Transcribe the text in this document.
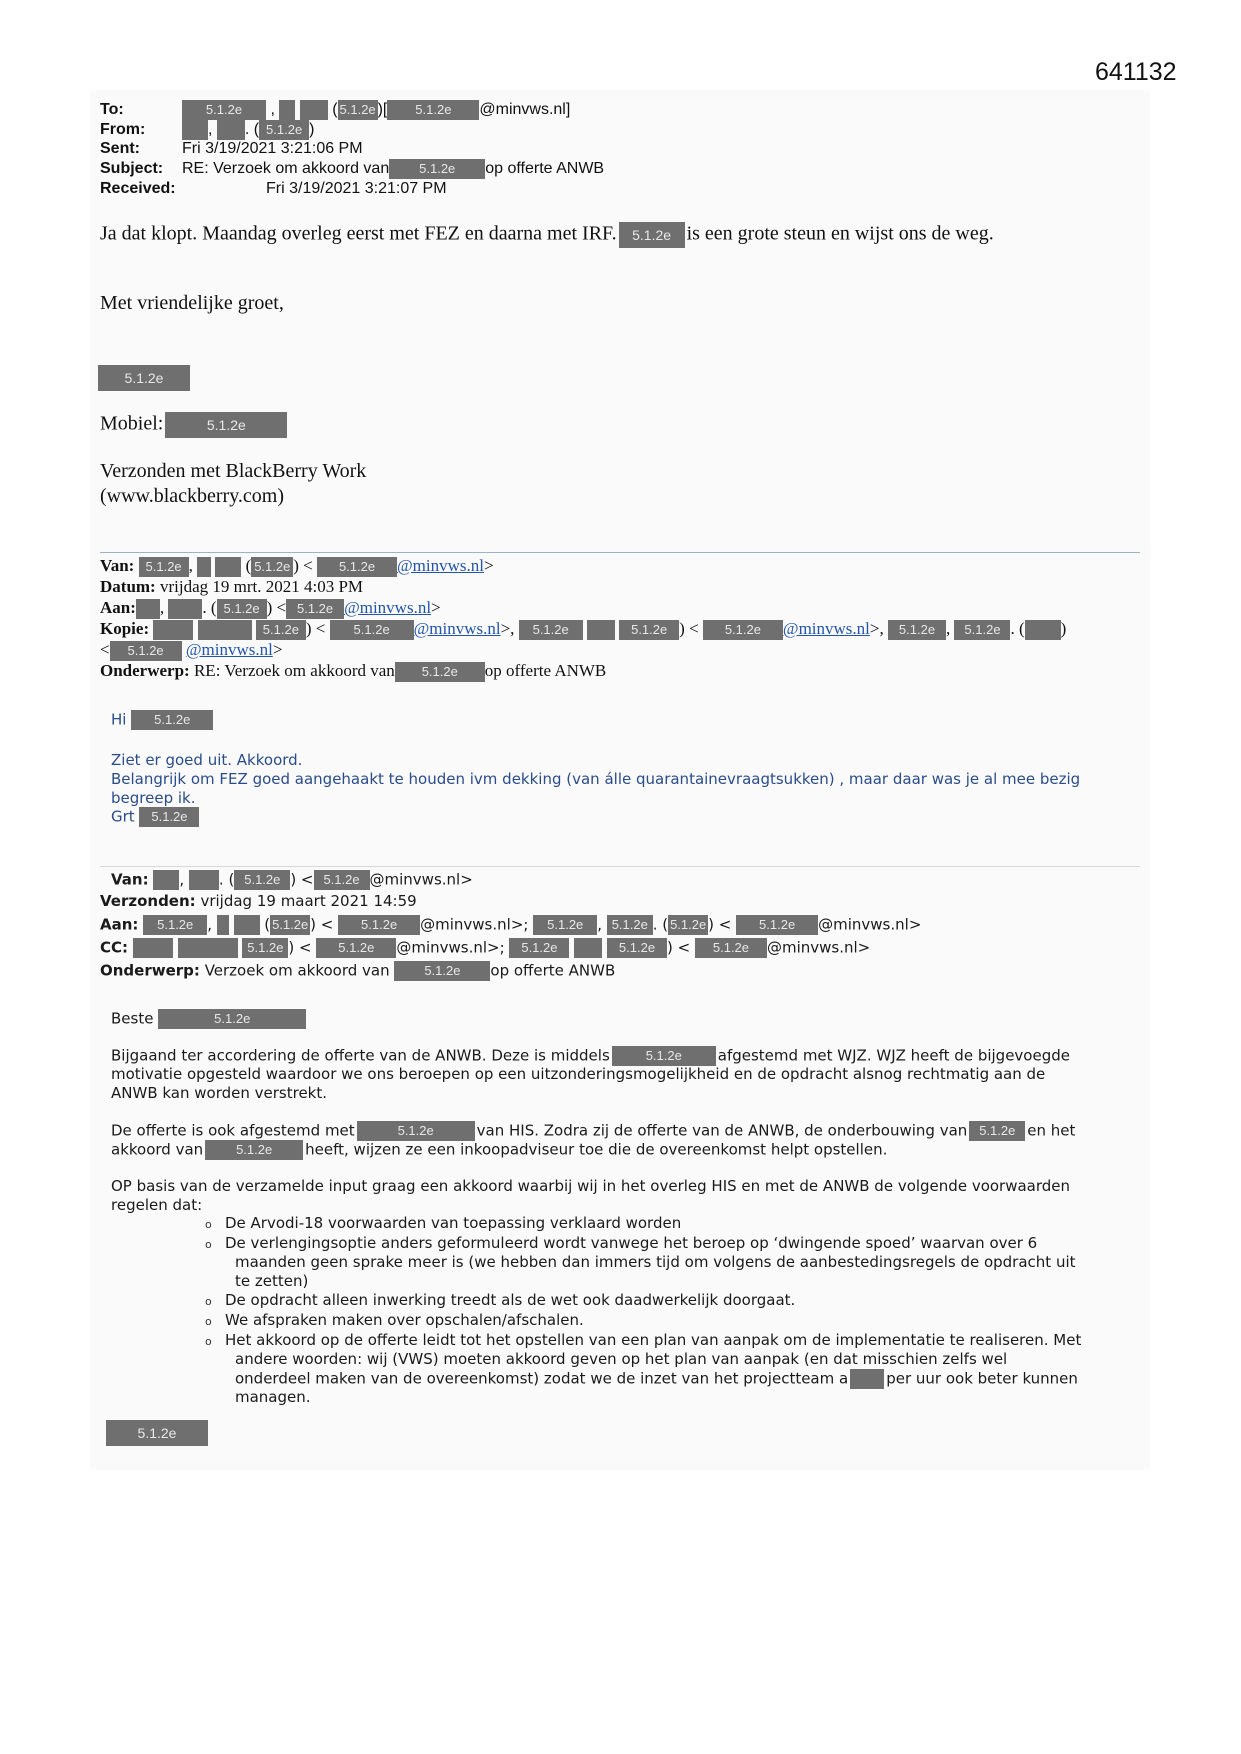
641132
To:	5.1.2e ,	( 5.1.2e )[ 5.1.2e @minvws.nl]
From:	, . ( 5.1.2e )
Sent:	Fri 3/19/2021 3:21:06 PM
Subject: RE: Verzoek om akkoord van 5.1.2e op offerte ANWB
Received:	Fri 3/19/2021 3:21:07 PM
Ja dat klopt. Maandag overleg eerst met FEZ en daarna met IRF. 5.1.2e is een grote steun en wijst ons de weg.
Met vriendelijke groet,
5.1.2e
Mobiel:	5.1.2e
Verzonden met BlackBerry Work
(www.blackberry.com)
Van: 5.1.2e ,	( 5.1.2e ) < 5.1.2e @minvws.nl>
Datum: vrijdag 19 mrt. 2021 4:03 PM
Aan: , . ( 5.1.2e ) < 5.1.2e @minvws.nl>
Kopie:	5.1.2e ) < 5.1.2e @minvws.nl>, 5.1.2e	5.1.2e ) < 5.1.2e @minvws.nl>, 5.1.2e , 5.1.2e . ( )
< 5.1.2e @minvws.nl>
Onderwerp: RE: Verzoek om akkoord van 5.1.2e op offerte ANWB
Hi 5.1.2e
Ziet er goed uit. Akkoord.
Belangrijk om FEZ goed aangehaakt te houden ivm dekking (van álle quarantainevraagtsukken) , maar daar was je al mee bezig
begreep ik.
Grt 5.1.2e
Van: , . ( 5.1.2e ) < 5.1.2e @minvws.nl>
Verzonden: vrijdag 19 maart 2021 14:59
Aan: 5.1.2e ,	( 5.1.2e ) < 5.1.2e @minvws.nl>; 5.1.2e , 5.1.2e . ( 5.1.2e ) < 5.1.2e @minvws.nl>
CC:	5.1.2e ) < 5.1.2e @minvws.nl>; 5.1.2e	5.1.2e ) < 5.1.2e @minvws.nl>
Onderwerp: Verzoek om akkoord van	5.1.2e op offerte ANWB
Beste	5.1.2e
Bijgaand ter accordering de offerte van de ANWB. Deze is middels	5.1.2e afgestemd met WJZ. WJZ heeft de bijgevoegde
motivatie opgesteld waardoor we ons beroepen op een uitzonderingsmogelijkheid en de opdracht alsnog rechtmatig aan de
ANWB kan worden verstrekt.
De offerte is ook afgestemd met	5.1.2e	van HIS. Zodra zij de offerte van de ANWB, de onderbouwing van 5.1.2e en het
akkoord van	5.1.2e heeft, wijzen ze een inkoopadviseur toe die de overeenkomst helpt opstellen.
OP basis van de verzamelde input graag een akkoord waarbij wij in het overleg HIS en met de ANWB de volgende voorwaarden
regelen dat:
o De Arvodi-18 voorwaarden van toepassing verklaard worden
o De verlengingsoptie anders geformuleerd wordt vanwege het beroep op ‘dwingende spoed’ waarvan over 6
maanden geen sprake meer is (we hebben dan immers tijd om volgens de aanbestedingsregels de opdracht uit
te zetten)
o De opdracht alleen inwerking treedt als de wet ook daadwerkelijk doorgaat.
o We afspraken maken over opschalen/afschalen.
o Het akkoord op de offerte leidt tot het opstellen van een plan van aanpak om de implementatie te realiseren. Met
andere woorden: wij (VWS) moeten akkoord geven op het plan van aanpak (en dat misschien zelfs wel
onderdeel maken van de overeenkomst) zodat we de inzet van het projectteam a	per uur ook beter kunnen
managen.
5.1.2e
